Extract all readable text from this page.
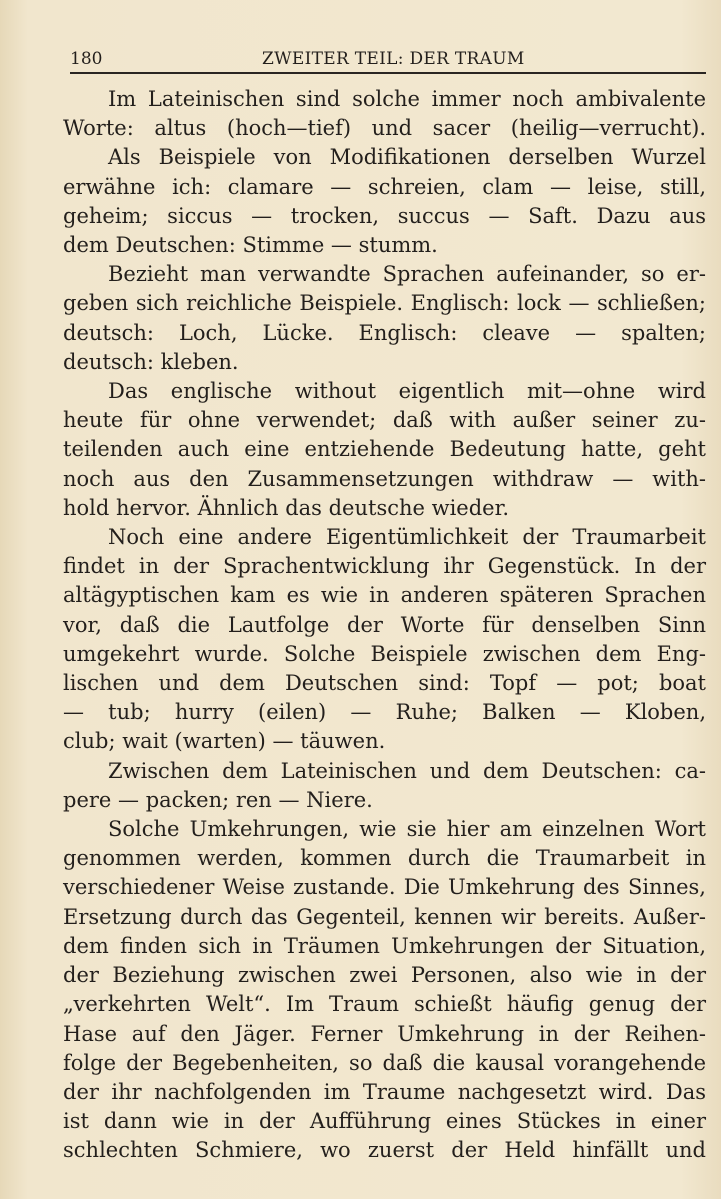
180	ZWEITER TEIL: DER TRAUM
Im Lateinischen sind solche immer noch ambivalente
Worte: altus (hoch—tief) und sacer (heilig—verrucht).
Als Beispiele von Modifikationen derselben Wurzel
erwähne ich: clamare — schreien, clam — leise, still,
geheim; siccus — trocken, succus — Saft. Dazu aus
dem Deutschen: Stimme — stumm.
Bezieht man verwandte Sprachen aufeinander, so er-
geben sich reichliche Beispiele. Englisch: lock — schließen;
deutsch: Loch, Lücke. Englisch: cleave — spalten;
deutsch: kleben.
Das englische without eigentlich mit—ohne wird
heute für ohne verwendet; daß with außer seiner zu-
teilenden auch eine entziehende Bedeutung hatte, geht
noch aus den Zusammensetzungen withdraw — with-
hold hervor. Ähnlich das deutsche wieder.
Noch eine andere Eigentümlichkeit der Traumarbeit
findet in der Sprachentwicklung ihr Gegenstück. In der
altägyptischen kam es wie in anderen späteren Sprachen
vor, daß die Lautfolge der Worte für denselben Sinn
umgekehrt wurde. Solche Beispiele zwischen dem Eng-
lischen und dem Deutschen sind: Topf — pot; boat
— tub; hurry (eilen) — Ruhe; Balken — Kloben,
club; wait (warten) — täuwen.
Zwischen dem Lateinischen und dem Deutschen: ca-
pere — packen; ren — Niere.
Solche Umkehrungen, wie sie hier am einzelnen Wort
genommen werden, kommen durch die Traumarbeit in
verschiedener Weise zustande. Die Umkehrung des Sinnes,
Ersetzung durch das Gegenteil, kennen wir bereits. Außer-
dem finden sich in Träumen Umkehrungen der Situation,
der Beziehung zwischen zwei Personen, also wie in der
„verkehrten Welt“. Im Traum schießt häufig genug der
Hase auf den Jäger. Ferner Umkehrung in der Reihen-
folge der Begebenheiten, so daß die kausal vorangehende
der ihr nachfolgenden im Traume nachgesetzt wird. Das
ist dann wie in der Aufführung eines Stückes in einer
schlechten Schmiere, wo zuerst der Held hinfällt und
